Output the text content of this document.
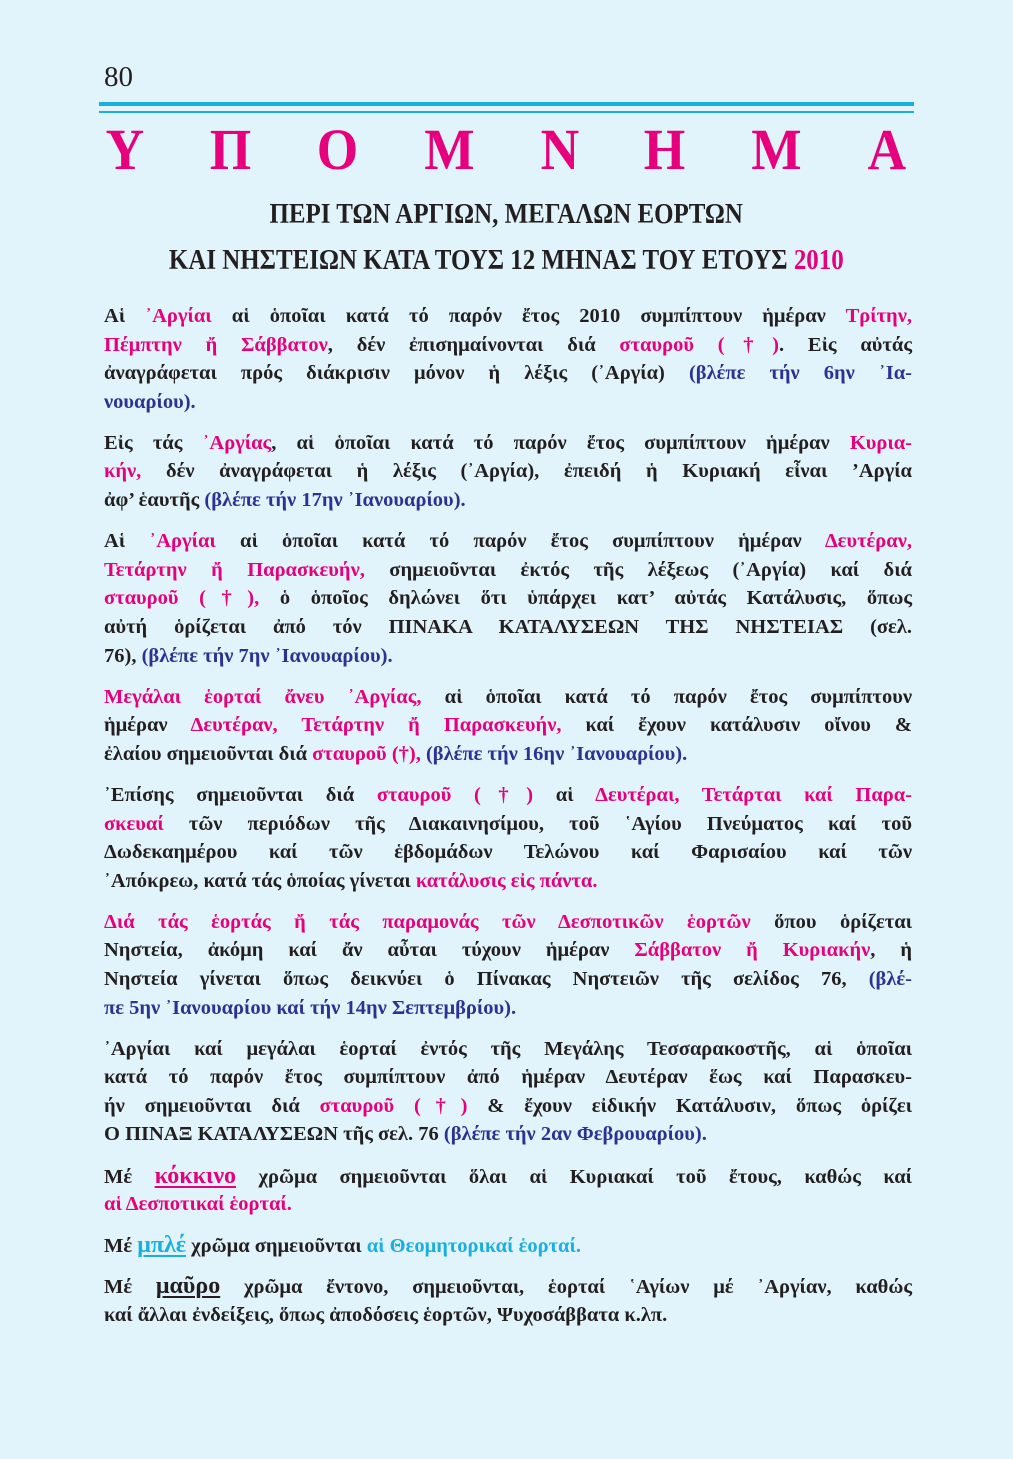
80
Υ Π Ο Μ Ν Η Μ Α
ΠΕΡΙ ΤΩΝ ΑΡΓΙΩΝ, ΜΕΓΑΛΩΝ ΕΟΡΤΩΝ
ΚΑΙ ΝΗΣΤΕΙΩΝ ΚΑΤΑ ΤΟΥΣ 12 ΜΗΝΑΣ ΤΟΥ ΕΤΟΥΣ 2010
Αἱ ᾿Αργίαι αἱ ὁποῖαι κατά τό παρόν ἔτος 2010 συμπίπτουν ἡμέραν Τρίτην,
Πέμπτην ἤ Σάββατον, δέν ἐπισημαίνονται διά σταυροῦ (†). Εἰς αὐτάς
ἀναγράφεται πρός διάκρισιν μόνον ἡ λέξις (᾿Αργία) (βλέπε τήν 6ην ᾿Ια-
νουαρίου).
Εἰς τάς ᾿Αργίας, αἱ ὁποῖαι κατά τό παρόν ἔτος συμπίπτουν ἡμέραν Κυρια-
κήν, δέν ἀναγράφεται ἡ λέξις (᾿Αργία), ἐπειδή ἡ Κυριακή εἶναι ’Αργία
ἀφ’ ἑαυτῆς (βλέπε τήν 17ην ᾿Ιανουαρίου).
Αἱ ᾿Αργίαι αἱ ὁποῖαι κατά τό παρόν ἔτος συμπίπτουν ἡμέραν Δευτέραν,
Τετάρτην ἤ Παρασκευήν, σημειοῦνται ἐκτός τῆς λέξεως (᾿Αργία) καί διά
σταυροῦ (†), ὁ ὁποῖος δηλώνει ὅτι ὑπάρχει κατ’ αὐτάς Κατάλυσις, ὅπως
αὐτή ὁρίζεται ἀπό τόν ΠΙΝΑΚΑ ΚΑΤΑΛΥΣΕΩΝ ΤΗΣ ΝΗΣΤΕΙΑΣ (σελ.
76), (βλέπε τήν 7ην ᾿Ιανουαρίου).
Μεγάλαι ἑορταί ἄνευ ᾿Αργίας, αἱ ὁποῖαι κατά τό παρόν ἔτος συμπίπτουν
ἡμέραν Δευτέραν, Τετάρτην ἤ Παρασκευήν, καί ἔχουν κατάλυσιν οἴνου &
ἐλαίου σημειοῦνται διά σταυροῦ (†), (βλέπε τήν 16ην ᾿Ιανουαρίου).
᾿Επίσης σημειοῦνται διά σταυροῦ (†) αἱ Δευτέραι, Τετάρται καί Παρα-
σκευαί τῶν περιόδων τῆς Διακαινησίμου, τοῦ ῾Αγίου Πνεύματος καί τοῦ
Δωδεκαημέρου καί τῶν ἑβδομάδων Τελώνου καί Φαρισαίου καί τῶν
᾿Απόκρεω, κατά τάς ὁποίας γίνεται κατάλυσις εἰς πάντα.
Διά τάς ἑορτάς ἤ τάς παραμονάς τῶν Δεσποτικῶν ἑορτῶν ὅπου ὁρίζεται
Νηστεία, ἀκόμη καί ἄν αὖται τύχουν ἡμέραν Σάββατον ἤ Κυριακήν, ἡ
Νηστεία γίνεται ὅπως δεικνύει ὁ Πίνακας Νηστειῶν τῆς σελίδος 76, (βλέ-
πε 5ην ᾿Ιανουαρίου καί τήν 14ην Σεπτεμβρίου).
᾿Αργίαι καί μεγάλαι ἑορταί ἐντός τῆς Μεγάλης Τεσσαρακοστῆς, αἱ ὁποῖαι
κατά τό παρόν ἔτος συμπίπτουν ἀπό ἡμέραν Δευτέραν ἕως καί Παρασκευ-
ήν σημειοῦνται διά σταυροῦ (†) & ἔχουν εἰδικήν Κατάλυσιν, ὅπως ὁρίζει
Ο ΠΙΝΑΞ ΚΑΤΑΛΥΣΕΩΝ τῆς σελ. 76 (βλέπε τήν 2αν Φεβρουαρίου).
Μέ κόκκινο χρῶμα σημειοῦνται ὅλαι αἱ Κυριακαί τοῦ ἔτους, καθώς καί
αἱ Δεσποτικαί ἑορταί.
Μέ μπλέ χρῶμα σημειοῦνται αἱ Θεομητορικαί ἑορταί.
Μέ μαῦρο χρῶμα ἔντονο, σημειοῦνται, ἑορταί ῾Αγίων μέ ᾿Αργίαν, καθώς
καί ἄλλαι ἐνδείξεις, ὅπως ἀποδόσεις ἑορτῶν, Ψυχοσάββατα κ.λπ.
